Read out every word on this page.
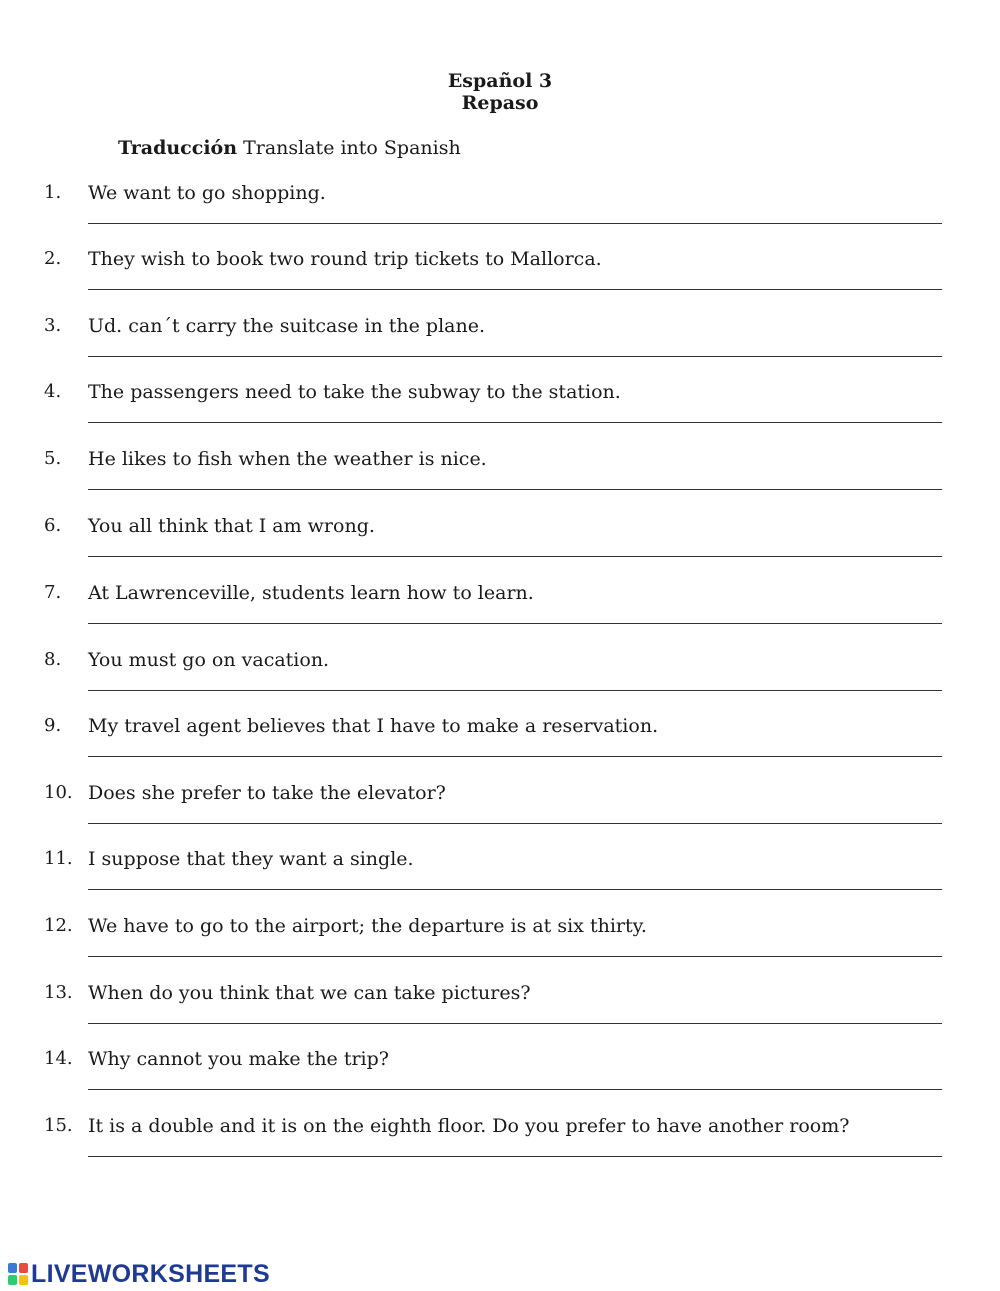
Español 3
Repaso
Traducción Translate into Spanish
1. We want to go shopping.
2. They wish to book two round trip tickets to Mallorca.
3. Ud. can´t carry the suitcase in the plane.
4. The passengers need to take the subway to the station.
5. He likes to fish when the weather is nice.
6. You all think that I am wrong.
7. At Lawrenceville, students learn how to learn.
8. You must go on vacation.
9. My travel agent believes that I have to make a reservation.
10. Does she prefer to take the elevator?
11. I suppose that they want a single.
12. We have to go to the airport; the departure is at six thirty.
13. When do you think that we can take pictures?
14. Why cannot you make the trip?
15. It is a double and it is on the eighth floor. Do you prefer to have another room?
LIVEWORKSHEETS
